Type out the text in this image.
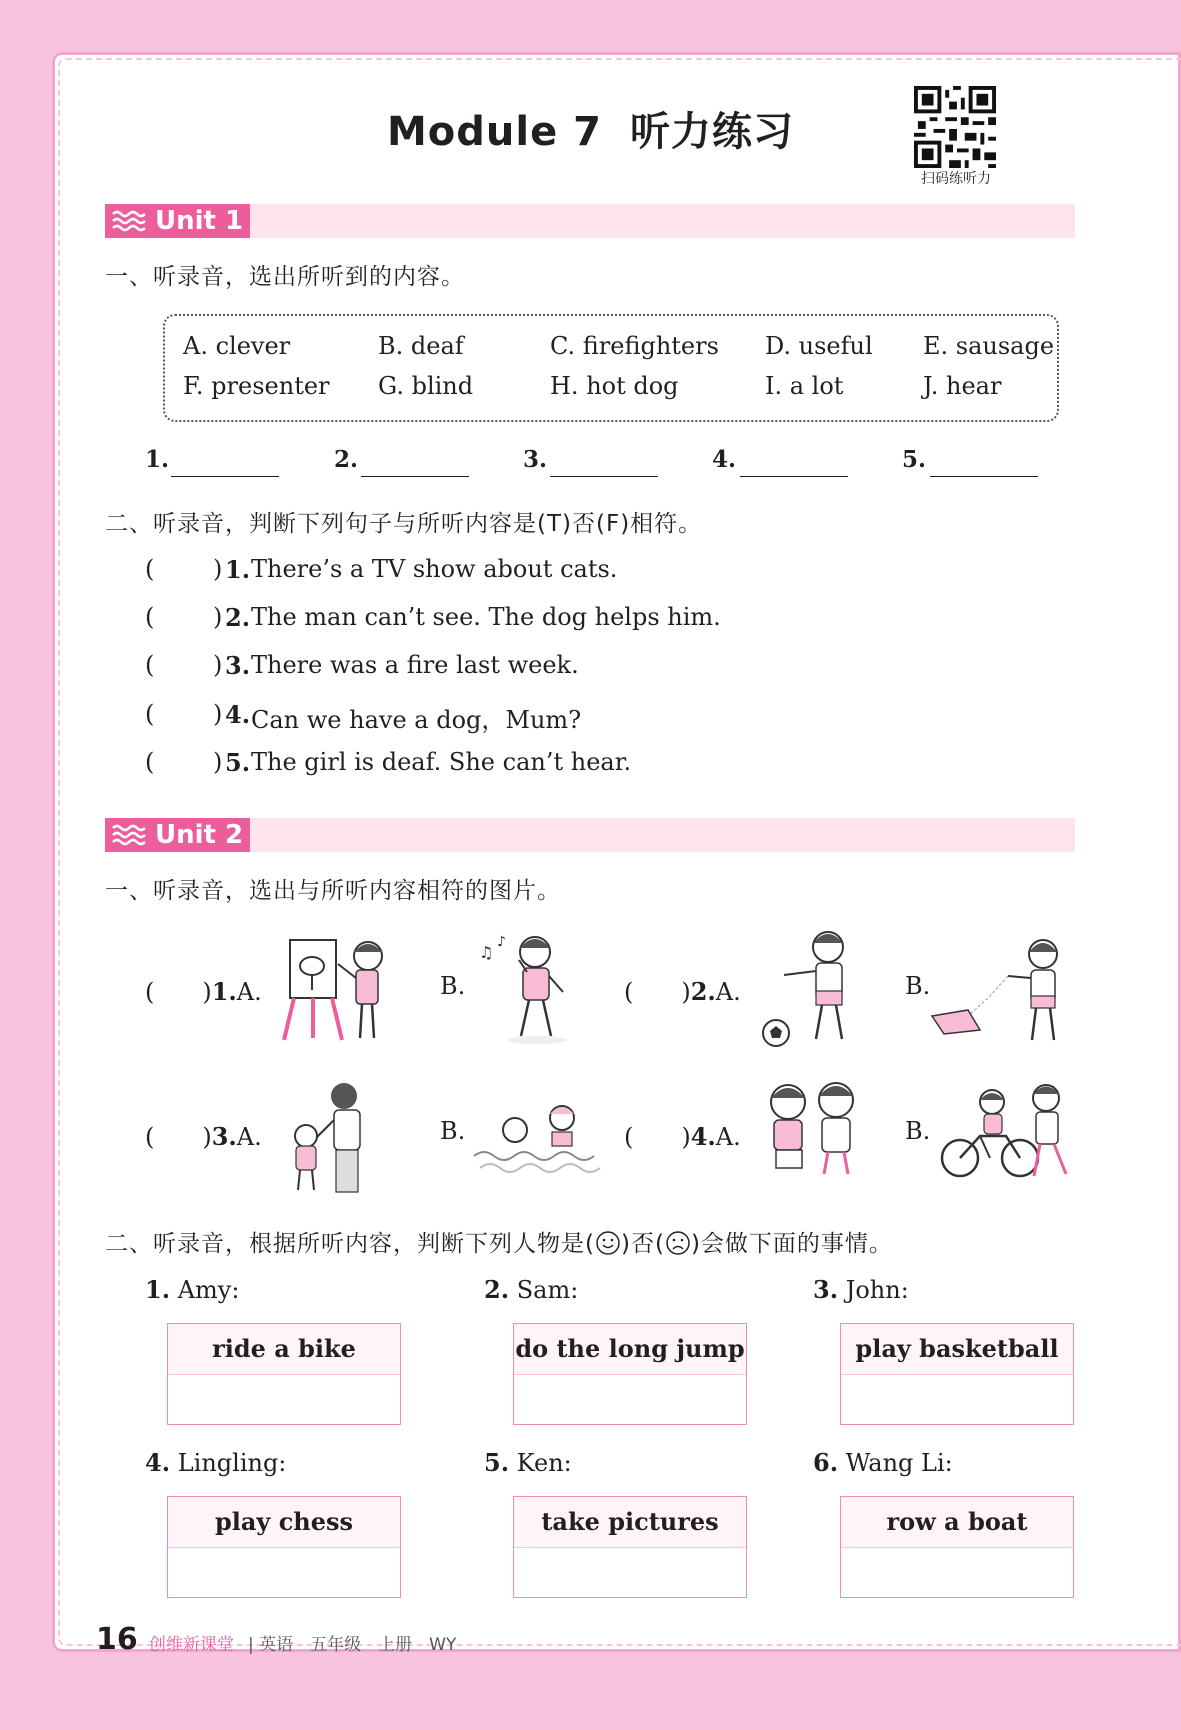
Module 7 听力练习
扫码练听力
Unit 1
一、听录音，选出所听到的内容。
A. clever	B. deaf	C. firefighters D. useful E. sausage
F. presenter G. blind	H. hot dog	I. a lot	J. hear
1.	2.	3.	4.	5.
二、听录音，判断下列句子与所听内容是(T)否(F)相符。
( ) 1. There’s a TV show about cats.
( ) 2. The man can’t see. The dog helps him.
( ) 3. There was a fire last week.
( ) 4. Can we have a dog，Mum?
( ) 5. The girl is deaf. She can’t hear.
Unit 2
一、听录音，选出与所听内容相符的图片。
(　　)1.A.	B.
♫
♪
(　　)2.A.	B.
(　　)3.A.	B.	(　　)4.A.	B.
二、听录音，根据所听内容，判断下列人物是( )否( )会做下面的事情。
1. Amy:
ride a bike
2. Sam:
do the long jump
3. John:
play basketball
4. Lingling:
play chess
5. Ken:
take pictures
6. Wang Li:
row a boat
16 创维新课堂 | 英语　五年级　上册　WY
